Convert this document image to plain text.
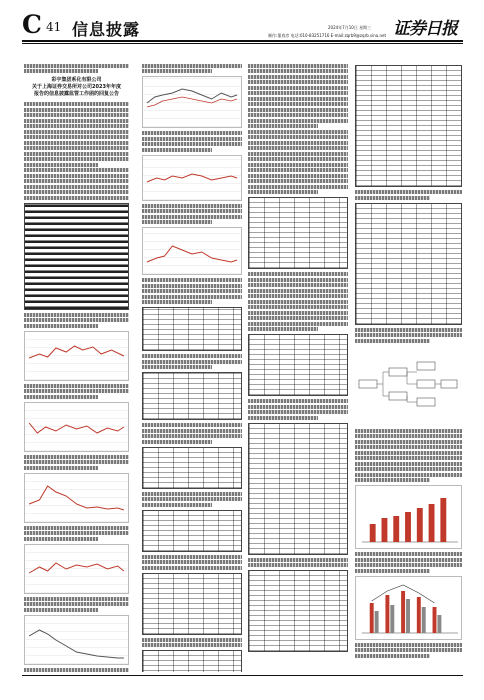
C 41 信息披露	2024年7月10日 星期三
制作:董春彦 电话:010-83251716 E-mail:zqrb9@zqrb.sina.net 证券日报
彩宇集团系化有限公司
关于上海证券交易所对公司2023年年度
报告的信息披露监管工作函的回复公告
